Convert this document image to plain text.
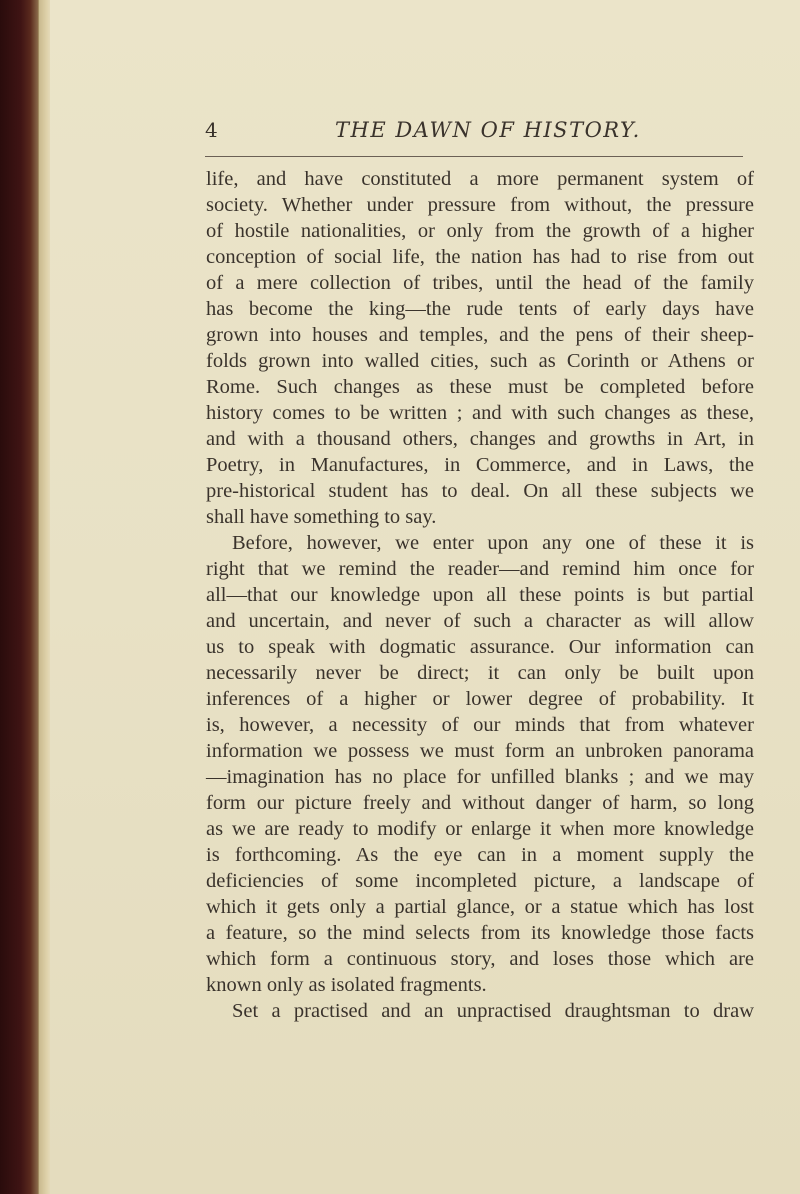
4	THE DAWN OF HISTORY.
life, and have constituted a more permanent system of
society. Whether under pressure from without, the pressure
of hostile nationalities, or only from the growth of a higher
conception of social life, the nation has had to rise from out
of a mere collection of tribes, until the head of the family
has become the king—the rude tents of early days have
grown into houses and temples, and the pens of their sheep-
folds grown into walled cities, such as Corinth or Athens or
Rome. Such changes as these must be completed before
history comes to be written ; and with such changes as these,
and with a thousand others, changes and growths in Art, in
Poetry, in Manufactures, in Commerce, and in Laws, the
pre-historical student has to deal. On all these subjects we
shall have something to say.
Before, however, we enter upon any one of these it is
right that we remind the reader—and remind him once for
all—that our knowledge upon all these points is but partial
and uncertain, and never of such a character as will allow
us to speak with dogmatic assurance. Our information can
necessarily never be direct; it can only be built upon
inferences of a higher or lower degree of probability. It
is, however, a necessity of our minds that from whatever
information we possess we must form an unbroken panorama
—imagination has no place for unfilled blanks ; and we may
form our picture freely and without danger of harm, so long
as we are ready to modify or enlarge it when more knowledge
is forthcoming. As the eye can in a moment supply the
deficiencies of some incompleted picture, a landscape of
which it gets only a partial glance, or a statue which has lost
a feature, so the mind selects from its knowledge those facts
which form a continuous story, and loses those which are
known only as isolated fragments.
Set a practised and an unpractised draughtsman to draw
